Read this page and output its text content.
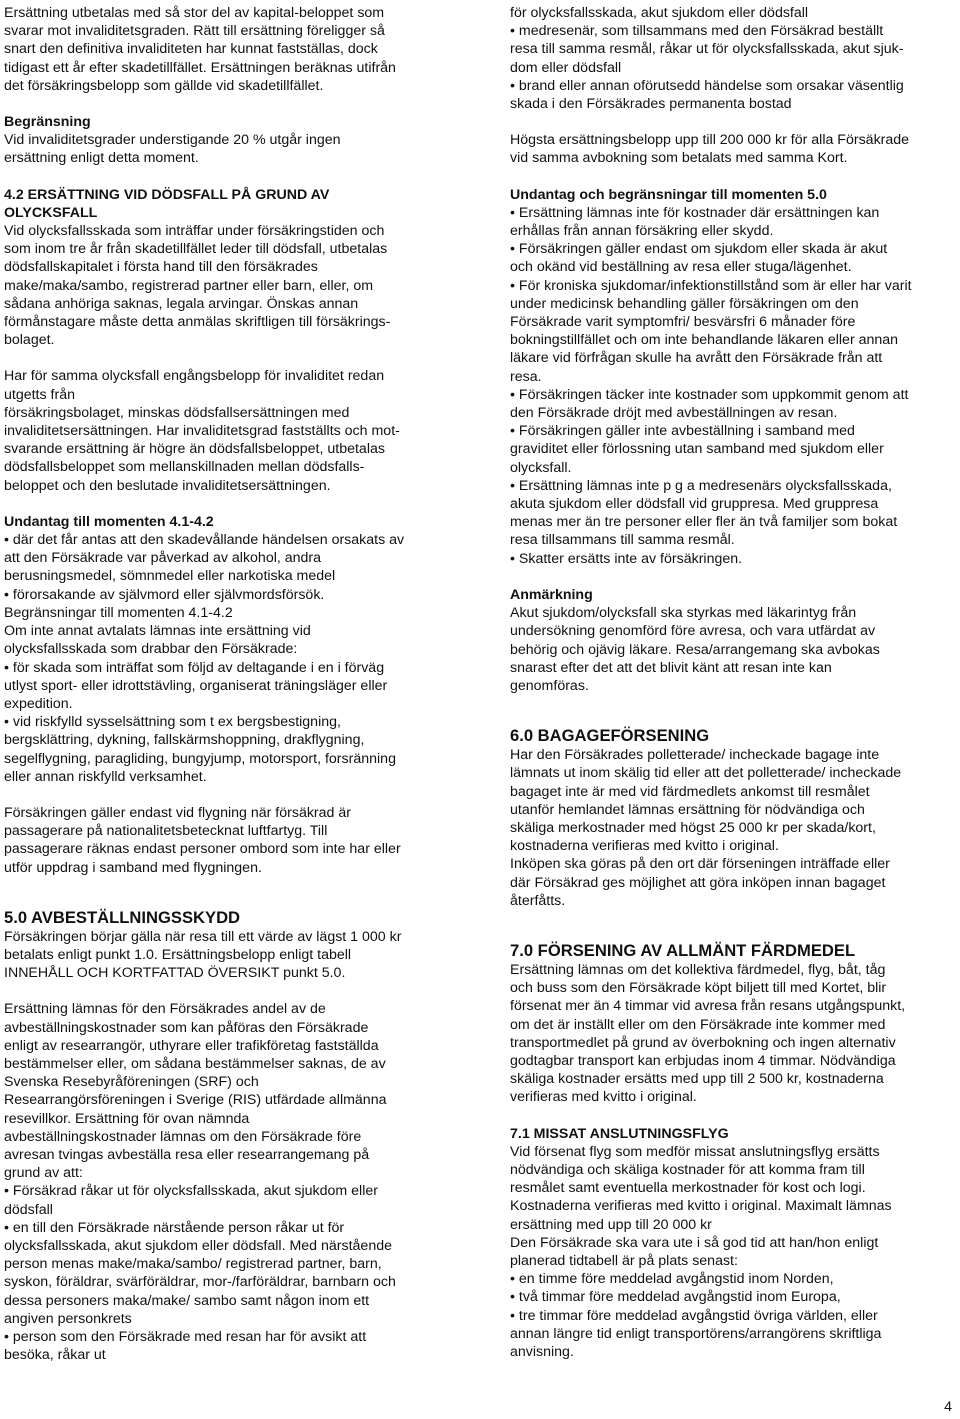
Ersättning utbetalas med så stor del av kapital-beloppet som
svarar mot invaliditetsgraden. Rätt till ersättning föreligger så
snart den definitiva invaliditeten har kunnat fastställas, dock
tidigast ett år efter skadetillfället. Ersättningen beräknas utifrån
det försäkringsbelopp som gällde vid skadetillfället.
Begränsning
Vid invaliditetsgrader understigande 20 % utgår ingen
ersättning enligt detta moment.
4.2 ERSÄTTNING VID DÖDSFALL PÅ GRUND AV
OLYCKSFALL
Vid olycksfallsskada som inträffar under försäkringstiden och
som inom tre år från skadetillfället leder till dödsfall, utbetalas
dödsfallskapitalet i första hand till den försäkrades
make/maka/sambo, registrerad partner eller barn, eller, om
sådana anhöriga saknas, legala arvingar. Önskas annan
förmånstagare måste detta anmälas skriftligen till försäkrings-
bolaget.
Har för samma olycksfall engångsbelopp för invaliditet redan
utgetts från
försäkringsbolaget, minskas dödsfallsersättningen med
invaliditetsersättningen. Har invaliditetsgrad fastställts och mot-
svarande ersättning är högre än dödsfallsbeloppet, utbetalas
dödsfallsbeloppet som mellanskillnaden mellan dödsfalls-
beloppet och den beslutade invaliditetsersättningen.
Undantag till momenten 4.1-4.2
• där det får antas att den skadevållande händelsen orsakats av
att den Försäkrade var påverkad av alkohol, andra
berusningsmedel, sömnmedel eller narkotiska medel
• förorsakande av självmord eller självmordsförsök.
Begränsningar till momenten 4.1-4.2
Om inte annat avtalats lämnas inte ersättning vid
olycksfallsskada som drabbar den Försäkrade:
• för skada som inträffat som följd av deltagande i en i förväg
utlyst sport- eller idrottstävling, organiserat träningsläger eller
expedition.
• vid riskfylld sysselsättning som t ex bergsbestigning,
bergsklättring, dykning, fallskärmshoppning, drakflygning,
segelflygning, paragliding, bungyjump, motorsport, forsränning
eller annan riskfylld verksamhet.
Försäkringen gäller endast vid flygning när försäkrad är
passagerare på nationalitetsbetecknat luftfartyg. Till
passagerare räknas endast personer ombord som inte har eller
utför uppdrag i samband med flygningen.
5.0 AVBESTÄLLNINGSSKYDD
Försäkringen börjar gälla när resa till ett värde av lägst 1 000 kr
betalats enligt punkt 1.0. Ersättningsbelopp enligt tabell
INNEHÅLL OCH KORTFATTAD ÖVERSIKT punkt 5.0.
Ersättning lämnas för den Försäkrades andel av de
avbeställningskostnader som kan påföras den Försäkrade
enligt av researrangör, uthyrare eller trafikföretag fastställda
bestämmelser eller, om sådana bestämmelser saknas, de av
Svenska Resebyråföreningen (SRF) och
Researrangörsföreningen i Sverige (RIS) utfärdade allmänna
resevillkor. Ersättning för ovan nämnda
avbeställningskostnader lämnas om den Försäkrade före
avresan tvingas avbeställa resa eller researrangemang på
grund av att:
• Försäkrad råkar ut för olycksfallsskada, akut sjukdom eller
dödsfall
• en till den Försäkrade närstående person råkar ut för
olycksfallsskada, akut sjukdom eller dödsfall. Med närstående
person menas make/maka/sambo/ registrerad partner, barn,
syskon, föräldrar, svärföräldrar, mor-/farföräldrar, barnbarn och
dessa personers maka/make/ sambo samt någon inom ett
angiven personkrets
• person som den Försäkrade med resan har för avsikt att
besöka, råkar ut
för olycksfallsskada, akut sjukdom eller dödsfall
• medresenär, som tillsammans med den Försäkrad beställt
resa till samma resmål, råkar ut för olycksfallsskada, akut sjuk-
dom eller dödsfall
• brand eller annan oförutsedd händelse som orsakar väsentlig
skada i den Försäkrades permanenta bostad
Högsta ersättningsbelopp upp till 200 000 kr för alla Försäkrade
vid samma avbokning som betalats med samma Kort.
Undantag och begränsningar till momenten 5.0
• Ersättning lämnas inte för kostnader där ersättningen kan
erhållas från annan försäkring eller skydd.
• Försäkringen gäller endast om sjukdom eller skada är akut
och okänd vid beställning av resa eller stuga/lägenhet.
• För kroniska sjukdomar/infektionstillstånd som är eller har varit
under medicinsk behandling gäller försäkringen om den
Försäkrade varit symptomfri/ besvärsfri 6 månader före
bokningstillfället och om inte behandlande läkaren eller annan
läkare vid förfrågan skulle ha avrått den Försäkrade från att
resa.
• Försäkringen täcker inte kostnader som uppkommit genom att
den Försäkrade dröjt med avbeställningen av resan.
• Försäkringen gäller inte avbeställning i samband med
graviditet eller förlossning utan samband med sjukdom eller
olycksfall.
• Ersättning lämnas inte p g a medresenärs olycksfallsskada,
akuta sjukdom eller dödsfall vid gruppresa. Med gruppresa
menas mer än tre personer eller fler än två familjer som bokat
resa tillsammans till samma resmål.
• Skatter ersätts inte av försäkringen.
Anmärkning
Akut sjukdom/olycksfall ska styrkas med läkarintyg från
undersökning genomförd före avresa, och vara utfärdat av
behörig och ojävig läkare. Resa/arrangemang ska avbokas
snarast efter det att det blivit känt att resan inte kan
genomföras.
6.0 BAGAGEFÖRSENING
Har den Försäkrades polletterade/ incheckade bagage inte
lämnats ut inom skälig tid eller att det polletterade/ incheckade
bagaget inte är med vid färdmedlets ankomst till resmålet
utanför hemlandet lämnas ersättning för nödvändiga och
skäliga merkostnader med högst 25 000 kr per skada/kort,
kostnaderna verifieras med kvitto i original.
Inköpen ska göras på den ort där förseningen inträffade eller
där Försäkrad ges möjlighet att göra inköpen innan bagaget
återfåtts.
7.0 FÖRSENING AV ALLMÄNT FÄRDMEDEL
Ersättning lämnas om det kollektiva färdmedel, flyg, båt, tåg
och buss som den Försäkrade köpt biljett till med Kortet, blir
försenat mer än 4 timmar vid avresa från resans utgångspunkt,
om det är inställt eller om den Försäkrade inte kommer med
transportmedlet på grund av överbokning och ingen alternativ
godtagbar transport kan erbjudas inom 4 timmar. Nödvändiga
skäliga kostnader ersätts med upp till 2 500 kr, kostnaderna
verifieras med kvitto i original.
7.1 MISSAT ANSLUTNINGSFLYG
Vid försenat flyg som medför missat anslutningsflyg ersätts
nödvändiga och skäliga kostnader för att komma fram till
resmålet samt eventuella merkostnader för kost och logi.
Kostnaderna verifieras med kvitto i original. Maximalt lämnas
ersättning med upp till 20 000 kr
Den Försäkrade ska vara ute i så god tid att han/hon enligt
planerad tidtabell är på plats senast:
• en timme före meddelad avgångstid inom Norden,
• två timmar före meddelad avgångstid inom Europa,
• tre timmar före meddelad avgångstid övriga världen, eller
annan längre tid enligt transportörens/arrangörens skriftliga
anvisning.
4
